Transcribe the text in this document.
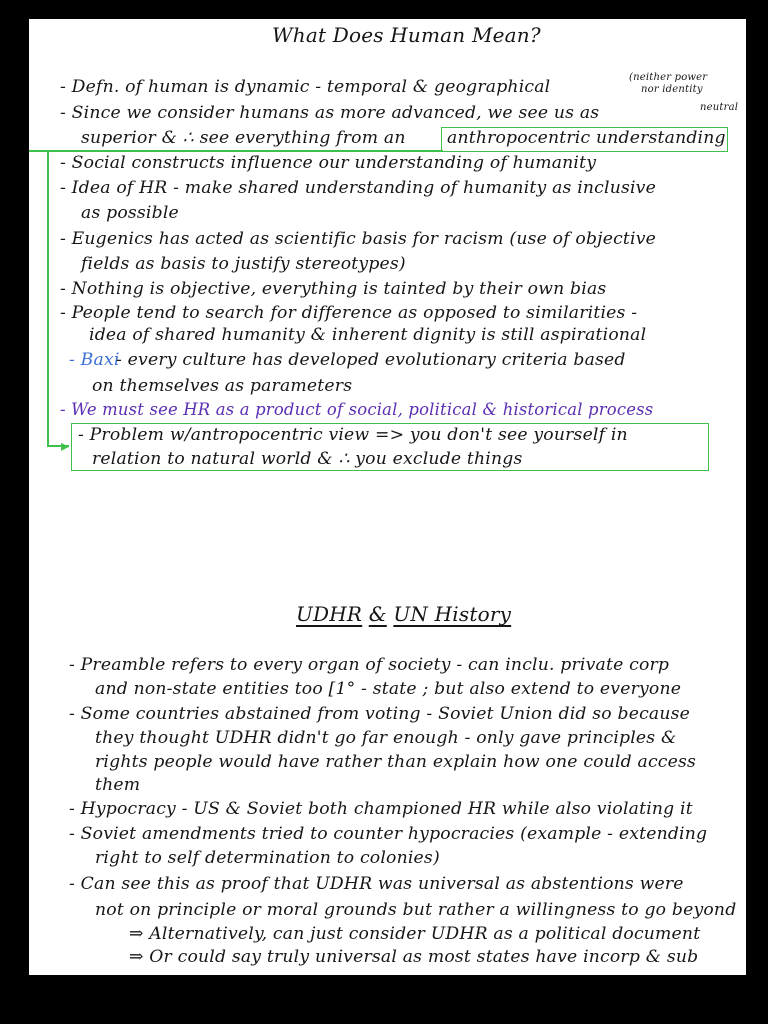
What Does Human Mean?
(neither power
nor identity
neutral
- Defn. of human is dynamic - temporal & geographical
- Since we consider humans as more advanced, we see us as
superior & ∴ see everything from an anthropocentric understanding
- Social constructs influence our understanding of humanity
- Idea of HR - make shared understanding of humanity as inclusive
as possible
- Eugenics has acted as scientific basis for racism (use of objective
fields as basis to justify stereotypes)
- Nothing is objective, everything is tainted by their own bias
- People tend to search for difference as opposed to similarities -
idea of shared humanity & inherent dignity is still aspirational
- Baxi
- every culture has developed evolutionary criteria based
on themselves as parameters
- We must see HR as a product of social, political & historical process
- Problem w/antropocentric view => you don't see yourself in
relation to natural world & ∴ you exclude things
▸
UDHR & UN History
- Preamble refers to every organ of society - can inclu. private corp
and non-state entities too [1° - state ; but also extend to everyone
- Some countries abstained from voting - Soviet Union did so because
they thought UDHR didn't go far enough - only gave principles &
rights people would have rather than explain how one could access
them
- Hypocracy - US & Soviet both championed HR while also violating it
- Soviet amendments tried to counter hypocracies (example - extending
right to self determination to colonies)
- Can see this as proof that UDHR was universal as abstentions were
not on principle or moral grounds but rather a willingness to go beyond
⇒ Alternatively, can just consider UDHR as a political document
⇒ Or could say truly universal as most states have incorp & sub
